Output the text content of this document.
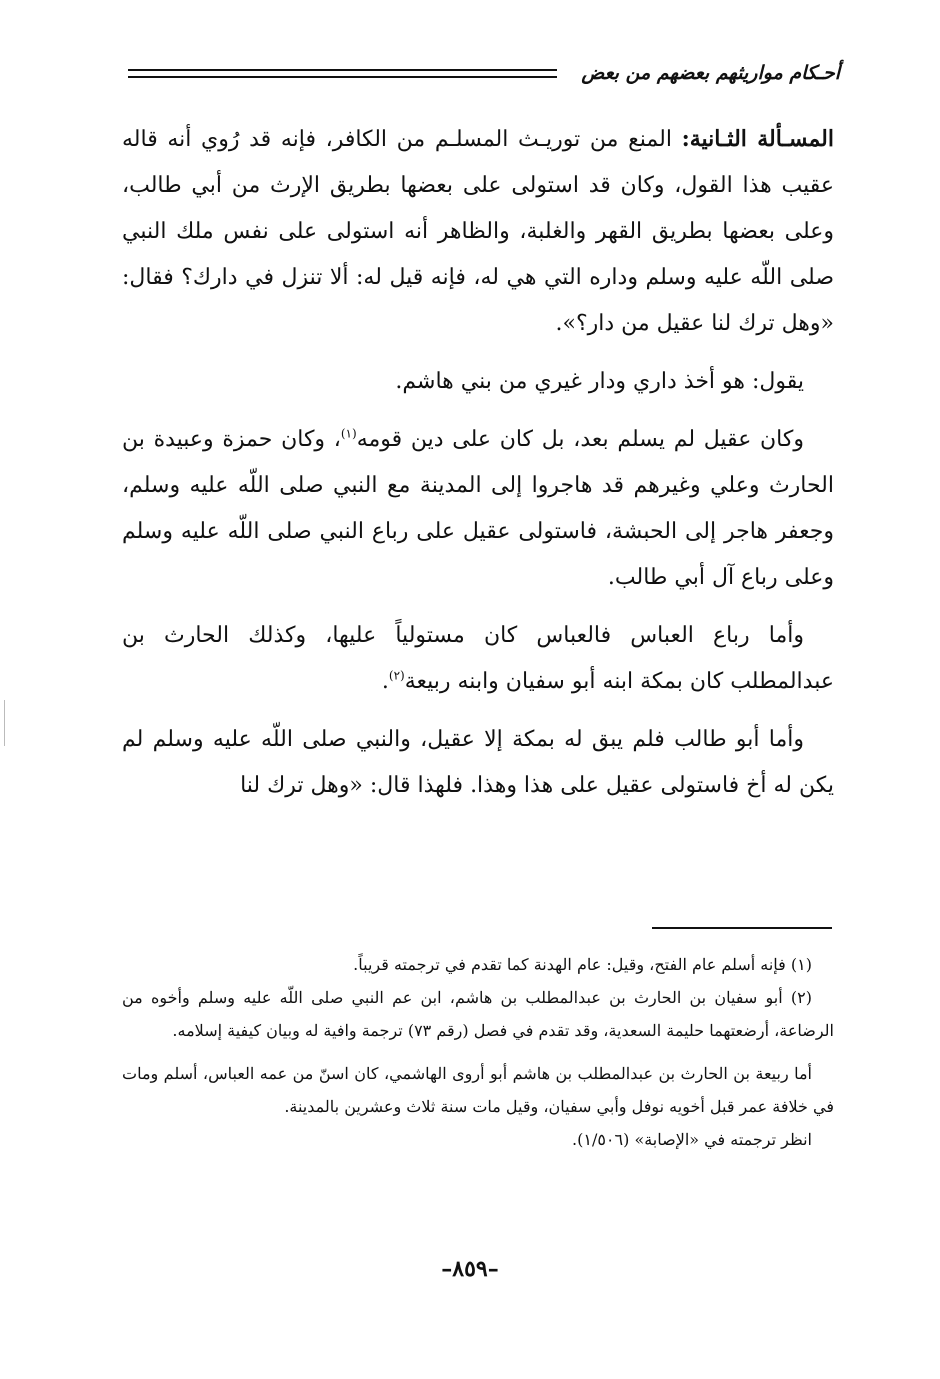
أحـكام مواريثهم بعضهم من بعض

المسـألة الثـانية: المنع من توريـث المسلـم من الكافر، فإنه قد رُوي أنه قاله عقيب هذا القول، وكان قد استولى على بعضها بطريق الإرث من أبي طالب، وعلى بعضها بطريق القهر والغلبة، والظاهر أنه استولى على نفس ملك النبي صلى اللّه عليه وسلم وداره التي هي له، فإنه قيل له: ألا تنزل في دارك؟ فقال: «وهل ترك لنا عقيل من دار؟».

يقول: هو أخذ داري ودار غيري من بني هاشم.

وكان عقيل لم يسلم بعد، بل كان على دين قومه$^{(١)}$، وكان حمزة وعبيدة بن الحارث وعلي وغيرهم قد هاجروا إلى المدينة مع النبي صلى اللّه عليه وسلم، وجعفر هاجر إلى الحبشة، فاستولى عقيل على رباع النبي صلى اللّه عليه وسلم وعلى رباع آل أبي طالب.

وأما رباع العباس فالعباس كان مستولياً عليها، وكذلك الحارث بن عبدالمطلب كان بمكة ابنه أبو سفيان وابنه ربيعة$^{(٢)}$.

وأما أبو طالب فلم يبق له بمكة إلا عقيل، والنبي صلى اللّه عليه وسلم لم يكن له أخ فاستولى عقيل على هذا وهذا. فلهذا قال: «وهل ترك لنا

(١) فإنه أسلم عام الفتح، وقيل: عام الهدنة كما تقدم في ترجمته قريباً.

(٢) أبو سفيان بن الحارث بن عبدالمطلب بن هاشم، ابن عم النبي صلى اللّه عليه وسلم وأخوه من الرضاعة، أرضعتهما حليمة السعدية، وقد تقدم في فصل (رقم ٧٣) ترجمة وافية له وبيان كيفية إسلامه.

أما ربيعة بن الحارث بن عبدالمطلب بن هاشم أبو أروى الهاشمي، كان اسنّ من عمه العباس، أسلم ومات في خلافة عمر قبل أخويه نوفل وأبي سفيان، وقيل مات سنة ثلاث وعشرين بالمدينة.

انظر ترجمته في «الإصابة» (١/٥٠٦).

–٨٥٩–
